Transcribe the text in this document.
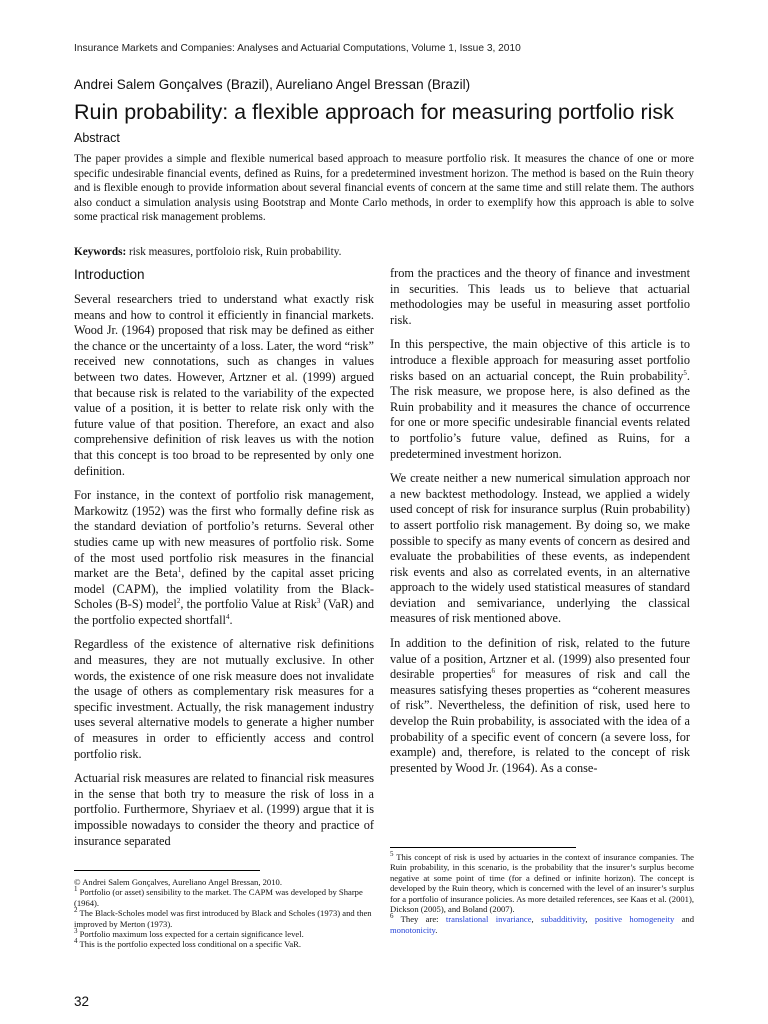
Insurance Markets and Companies: Analyses and Actuarial Computations, Volume 1, Issue 3, 2010
Andrei Salem Gonçalves (Brazil), Aureliano Angel Bressan (Brazil)
Ruin probability: a flexible approach for measuring portfolio risk
Abstract

The paper provides a simple and flexible numerical based approach to measure portfolio risk. It measures the chance of one or more specific undesirable financial events, defined as Ruins, for a predetermined investment horizon. The method is based on the Ruin theory and is flexible enough to provide information about several financial events of concern at the same time and still relate them. The authors also conduct a simulation analysis using Bootstrap and Monte Carlo methods, in order to exemplify how this approach is able to solve some practical risk management problems.

Keywords: risk measures, portfoloio risk, Ruin probability.

Introduction

Several researchers tried to understand what exactly risk means and how to control it efficiently in financial markets. Wood Jr. (1964) proposed that risk may be defined as either the chance or the uncertainty of a loss. Later, the word “risk” received new connotations, such as changes in values between two dates. However, Artzner et al. (1999) argued that because risk is related to the variability of the expected value of a position, it is better to relate risk only with the future value of that position. Therefore, an exact and also comprehensive definition of risk leaves us with the notion that this concept is too broad to be represented by only one definition.

For instance, in the context of portfolio risk management, Markowitz (1952) was the first who formally define risk as the standard deviation of portfolio’s returns. Several other studies came up with new measures of portfolio risk. Some of the most used portfolio risk measures in the financial market are the Beta$^1$, defined by the capital asset pricing model (CAPM), the implied volatility from the Black-Scholes (B-S) model$^2$, the portfolio Value at Risk$^3$ (VaR) and the portfolio expected shortfall$^4$.

Regardless of the existence of alternative risk definitions and measures, they are not mutually exclusive. In other words, the existence of one risk measure does not invalidate the usage of others as complementary risk measures for a specific investment. Actually, the risk management industry uses several alternative models to generate a higher number of measures in order to efficiently access and control portfolio risk.

Actuarial risk measures are related to financial risk measures in the sense that both try to measure the risk of loss in a portfolio. Furthermore, Shyriaev et al. (1999) argue that it is impossible nowadays to consider the theory and practice of insurance separated

from the practices and the theory of finance and investment in securities. This leads us to believe that actuarial methodologies may be useful in measuring asset portfolio risk.

In this perspective, the main objective of this article is to introduce a flexible approach for measuring asset portfolio risks based on an actuarial concept, the Ruin probability$^5$. The risk measure, we propose here, is also defined as the Ruin probability and it measures the chance of occurrence for one or more specific undesirable financial events related to portfolio’s future value, defined as Ruins, for a predetermined investment horizon.

We create neither a new numerical simulation approach nor a new backtest methodology. Instead, we applied a widely used concept of risk for insurance surplus (Ruin probability) to assert portfolio risk management. By doing so, we make possible to specify as many events of concern as desired and evaluate the probabilities of these events, as independent risk events and also as correlated events, in an alternative approach to the widely used statistical measures of standard deviation and semivariance, underlying the classical measures of risk mentioned above.

In addition to the definition of risk, related to the future value of a position, Artzner et al. (1999) also presented four desirable properties$^6$ for measures of risk and call the measures satisfying theses properties as “coherent measures of risk”. Nevertheless, the definition of risk, used here to develop the Ruin probability, is associated with the idea of a probability of a specific event of concern (a severe loss, for example) and, therefore, is related to the concept of risk presented by Wood Jr. (1964). As a conse-

© Andrei Salem Gonçalves, Aureliano Angel Bressan, 2010.

$^1$ Portfolio (or asset) sensibility to the market. The CAPM was developed by Sharpe (1964).

$^2$ The Black-Scholes model was first introduced by Black and Scholes (1973) and then improved by Merton (1973).

$^3$ Portfolio maximum loss expected for a certain significance level.

$^4$ This is the portfolio expected loss conditional on a specific VaR.

$^5$ This concept of risk is used by actuaries in the context of insurance companies. The Ruin probability, in this scenario, is the probability that the insurer’s surplus become negative at some point of time (for a defined or infinite horizon). The concept is developed by the Ruin theory, which is concerned with the level of an insurer’s surplus for a portfolio of insurance policies. As more detailed references, see Kaas et al. (2001), Dickson (2005), and Boland (2007).

$^6$ They are: translational invariance, subadditivity, positive homogeneity and monotonicity.

32
